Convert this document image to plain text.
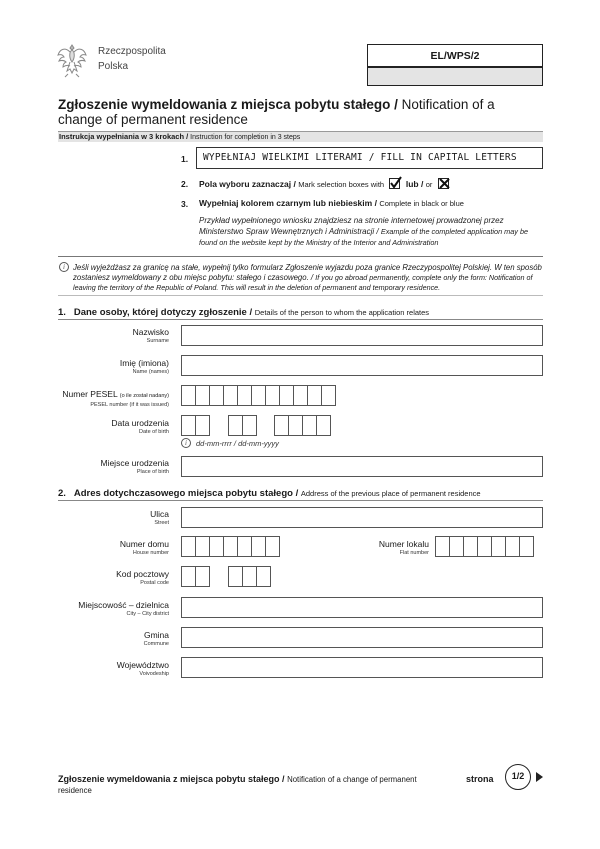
Rzeczpospolita
Polska
EL/WPS/2
Zgłoszenie wymeldowania z miejsca pobytu stałego / Notification of a change of permanent residence
Instrukcja wypełniania w 3 krokach / Instruction for completion in 3 steps
1.	WYPEŁNIAJ WIELKIMI LITERAMI / FILL IN CAPITAL LETTERS
2. Pola wyboru zaznaczaj / Mark selection boxes with	lub / or
3. Wypełniaj kolorem czarnym lub niebieskim / Complete in black or blue
Przykład wypełnionego wniosku znajdziesz na stronie internetowej prowadzonej przez Ministerstwo Spraw Wewnętrznych i Administracji / Example of the completed application may be found on the website kept by the Ministry of the Interior and Administration
i	Jeśli wyjeżdżasz za granicę na stałe, wypełnij tylko formularz Zgłoszenie wyjazdu poza granice Rzeczypospolitej Polskiej. W ten sposób zostaniesz wymeldowany z obu miejsc pobytu: stałego i czasowego. / If you go abroad permanently, complete only the form: Notification of leaving the territory of the Republic of Poland. This will result in the deletion of permanent and temporary residence.
1. Dane osoby, której dotyczy zgłoszenie / Details of the person to whom the application relates
Nazwisko
Surname
Imię (imiona)
Name (names)
Numer PESEL (o ile został nadany)
PESEL number (if it was issued)
Data urodzenia
Date of birth
i	dd-mm-rrrr / dd-mm-yyyy
Miejsce urodzenia
Place of birth
2. Adres dotychczasowego miejsca pobytu stałego / Address of the previous place of permanent residence
Ulica
Street
Numer domu
House number
Numer lokalu
Flat number
Kod pocztowy
Postal code
Miejscowość – dzielnica
City – City district
Gmina
Commune
Województwo
Voivodeship
Zgłoszenie wymeldowania z miejsca pobytu stałego / Notification of a change of permanent residence
strona	1/2
